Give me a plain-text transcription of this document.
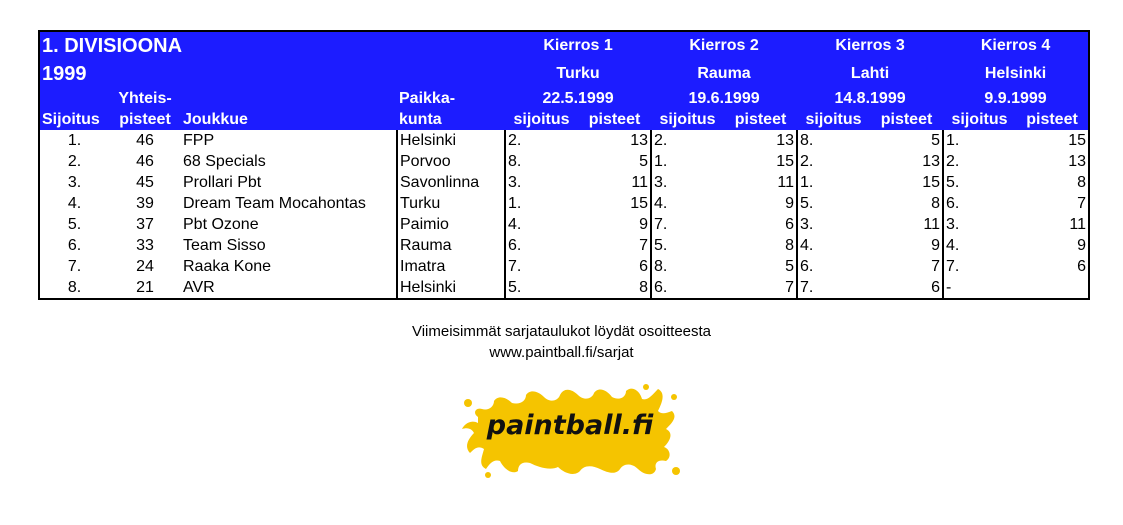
1. DIVISIOONA				Kierros 1		Kierros 2		Kierros 3		Kierros 4	
1999				Turku		Rauma		Lahti		Helsinki	
	Yhteis-		Paikka-	22.5.1999		19.6.1999		14.8.1999		9.9.1999	
Sijoitus	pisteet	Joukkue	kunta	sijoitus	pisteet	sijoitus	pisteet	sijoitus	pisteet	sijoitus	pisteet
1.	46	FPP	Helsinki	2.	13	2.	13	8.	5	1.	15
2.	46	68 Specials	Porvoo	8.	5	1.	15	2.	13	2.	13
3.	45	Prollari Pbt	Savonlinna	3.	11	3.	11	1.	15	5.	8
4.	39	Dream Team Mocahontas	Turku	1.	15	4.	9	5.	8	6.	7
5.	37	Pbt Ozone	Paimio	4.	9	7.	6	3.	11	3.	11
6.	33	Team Sisso	Rauma	6.	7	5.	8	4.	9	4.	9
7.	24	Raaka Kone	Imatra	7.	6	8.	5	6.	7	7.	6
8.	21	AVR	Helsinki	5.	8	6.	7	7.	6	-	
Viimeisimmät sarjataulukot löydät osoitteesta
www.paintball.fi/sarjat
paintball.fi
